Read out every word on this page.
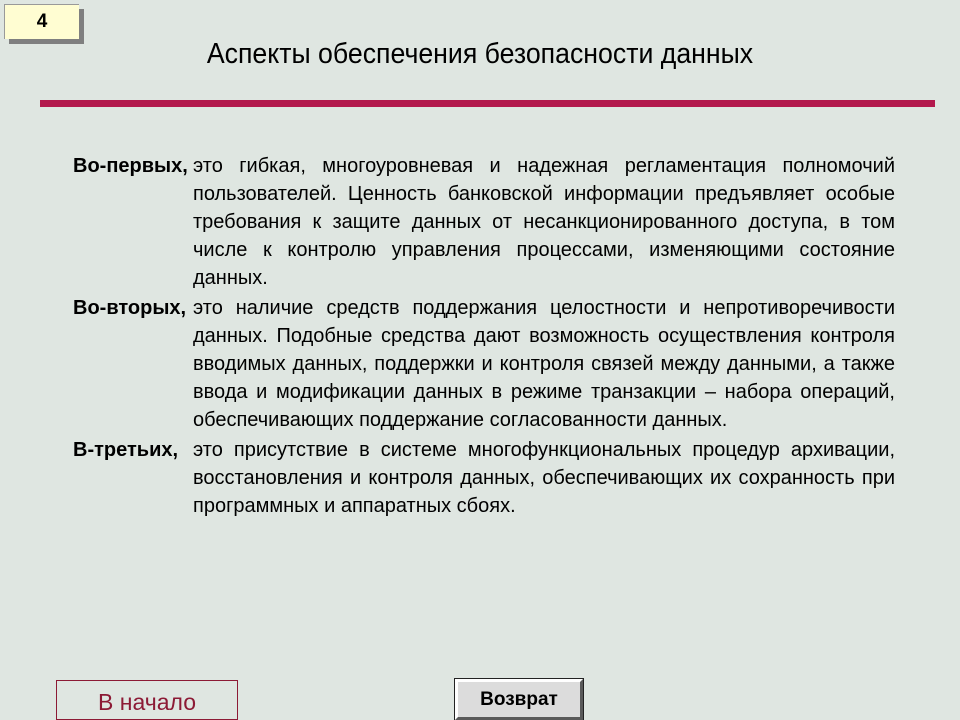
4
Аспекты обеспечения безопасности данных
Во-первых, это гибкая, многоуровневая и надежная регламентация полномочий пользователей. Ценность банковской информации предъявляет особые требования к защите данных от несанкционированного доступа, в том числе к контролю управления процессами, изменяющими состояние данных.
Во-вторых, это наличие средств поддержания целостности и непротиворечивости данных. Подобные средства дают возможность осуществления контроля вводимых данных, поддержки и контроля связей между данными, а также ввода и модификации данных в режиме транзакции – набора операций, обеспечивающих поддержание согласованности данных.
В-третьих, это присутствие в системе многофункциональных процедур архивации, восстановления и контроля данных, обеспечивающих их сохранность при программных и аппаратных сбоях.
В начало	Возврат
